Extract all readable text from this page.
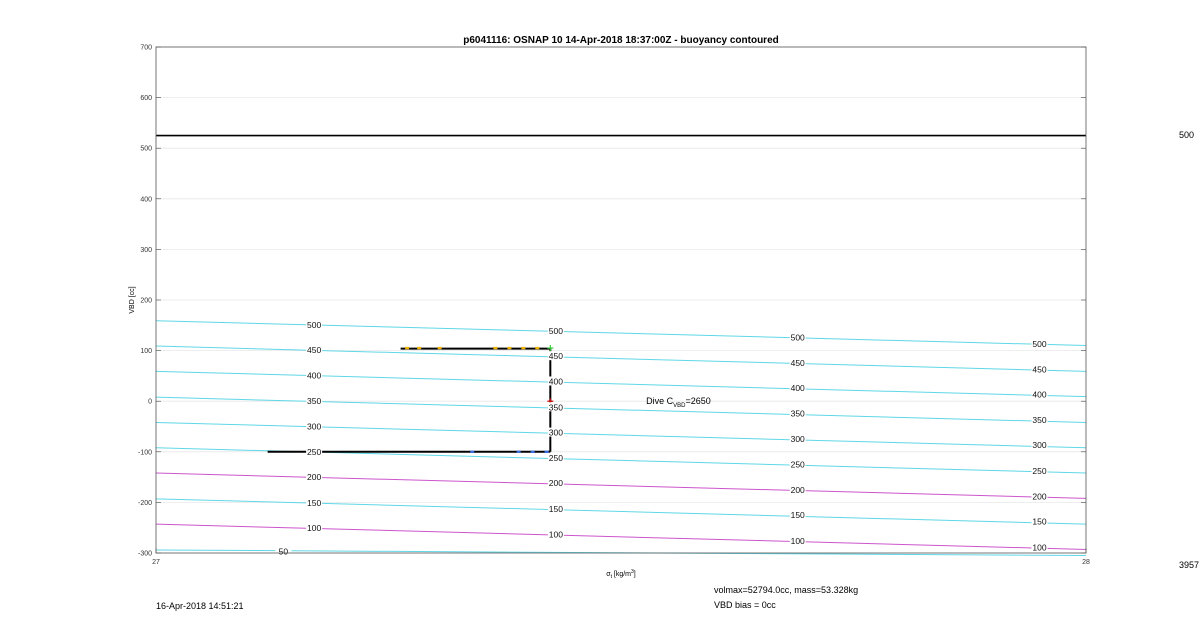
500
450
400
350
300
250
200
150
100
50
500
450
400
350
300
250
200
150
100
500
450
400
350
300
250
200
150
100
500
450
400
350
300
250
200
150
100
-300
-200
-100
0
100
200
300
400
500
600
700
27	28
p6041116: OSNAP 10 14-Apr-2018 18:37:00Z - buoyancy contoured
VBD [cc]
$\sigma_t$ $[kg/m^3]$
Dive $C_{VBD}=2650$
500
3957
16-Apr-2018 14:51:21
volmax=52794.0cc, mass=53.328kg
VBD bias = 0cc
